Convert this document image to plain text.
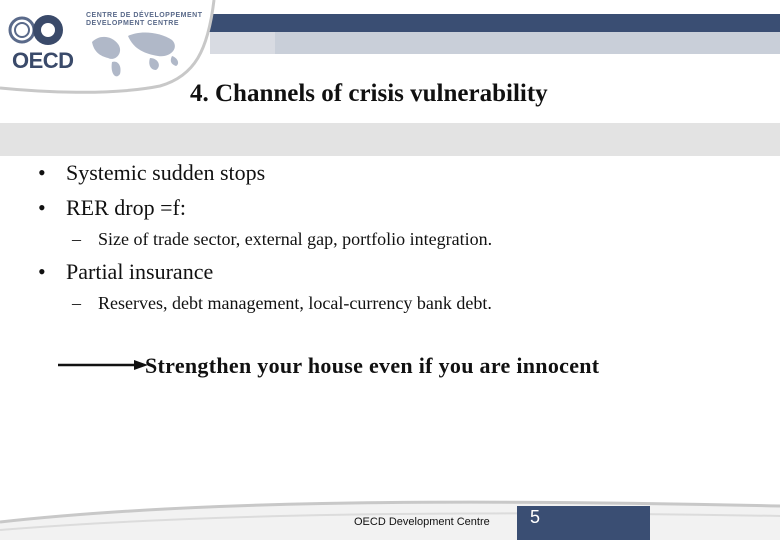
OECD
CENTRE DE DÉVELOPPEMENT
DEVELOPMENT CENTRE
4. Channels of crisis vulnerability
• Systemic sudden stops
• RER drop =f:
– Size of trade sector, external gap, portfolio integration.
• Partial insurance
– Reserves, debt management, local-currency bank debt.
Strengthen your house even if you are innocent
OECD Development Centre 5
